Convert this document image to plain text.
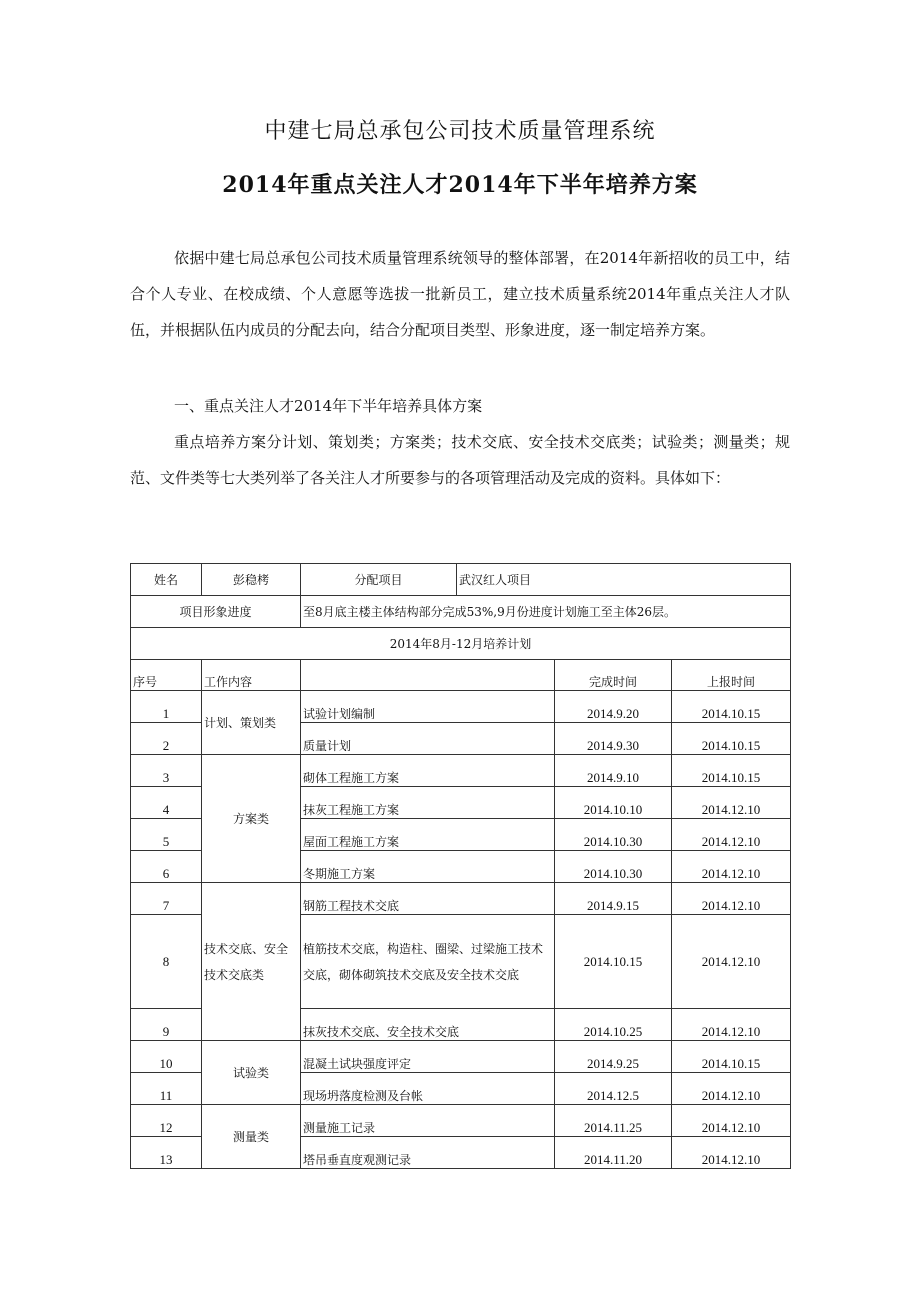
中建七局总承包公司技术质量管理系统
2014年重点关注人才2014年下半年培养方案
依据中建七局总承包公司技术质量管理系统领导的整体部署，在2014年新招收的员工中，结合个人专业、在校成绩、个人意愿等选拔一批新员工，建立技术质量系统2014年重点关注人才队伍，并根据队伍内成员的分配去向，结合分配项目类型、形象进度，逐一制定培养方案。
一、重点关注人才2014年下半年培养具体方案
重点培养方案分计划、策划类；方案类；技术交底、安全技术交底类；试验类；测量类；规范、文件类等七大类列举了各关注人才所要参与的各项管理活动及完成的资料。具体如下：
姓名	彭稳栲	分配项目	武汉红人项目		
项目形象进度		至8月底主楼主体结构部分完成53%,9月份进度计划施工至主体26层。			
2014年8月-12月培养计划					
序号	工作内容			完成时间	上报时间
1	计划、策划类	试验计划编制		2014.9.20	2014.10.15
2		质量计划		2014.9.30	2014.10.15
3	方案类	砌体工程施工方案		2014.9.10	2014.10.15
4		抹灰工程施工方案		2014.10.10	2014.12.10
5		屋面工程施工方案		2014.10.30	2014.12.10
6		冬期施工方案		2014.10.30	2014.12.10
7	技术交底、安全技术交底类	钢筋工程技术交底		2014.9.15	2014.12.10
8		植筋技术交底，构造柱、圈梁、过梁施工技术交底，砌体砌筑技术交底及安全技术交底		2014.10.15	2014.12.10
9		抹灰技术交底、安全技术交底		2014.10.25	2014.12.10
10	试验类	混凝土试块强度评定		2014.9.25	2014.10.15
11		现场坍落度检测及台帐		2014.12.5	2014.12.10
12	测量类	测量施工记录		2014.11.25	2014.12.10
13		塔吊垂直度观测记录		2014.11.20	2014.12.10
